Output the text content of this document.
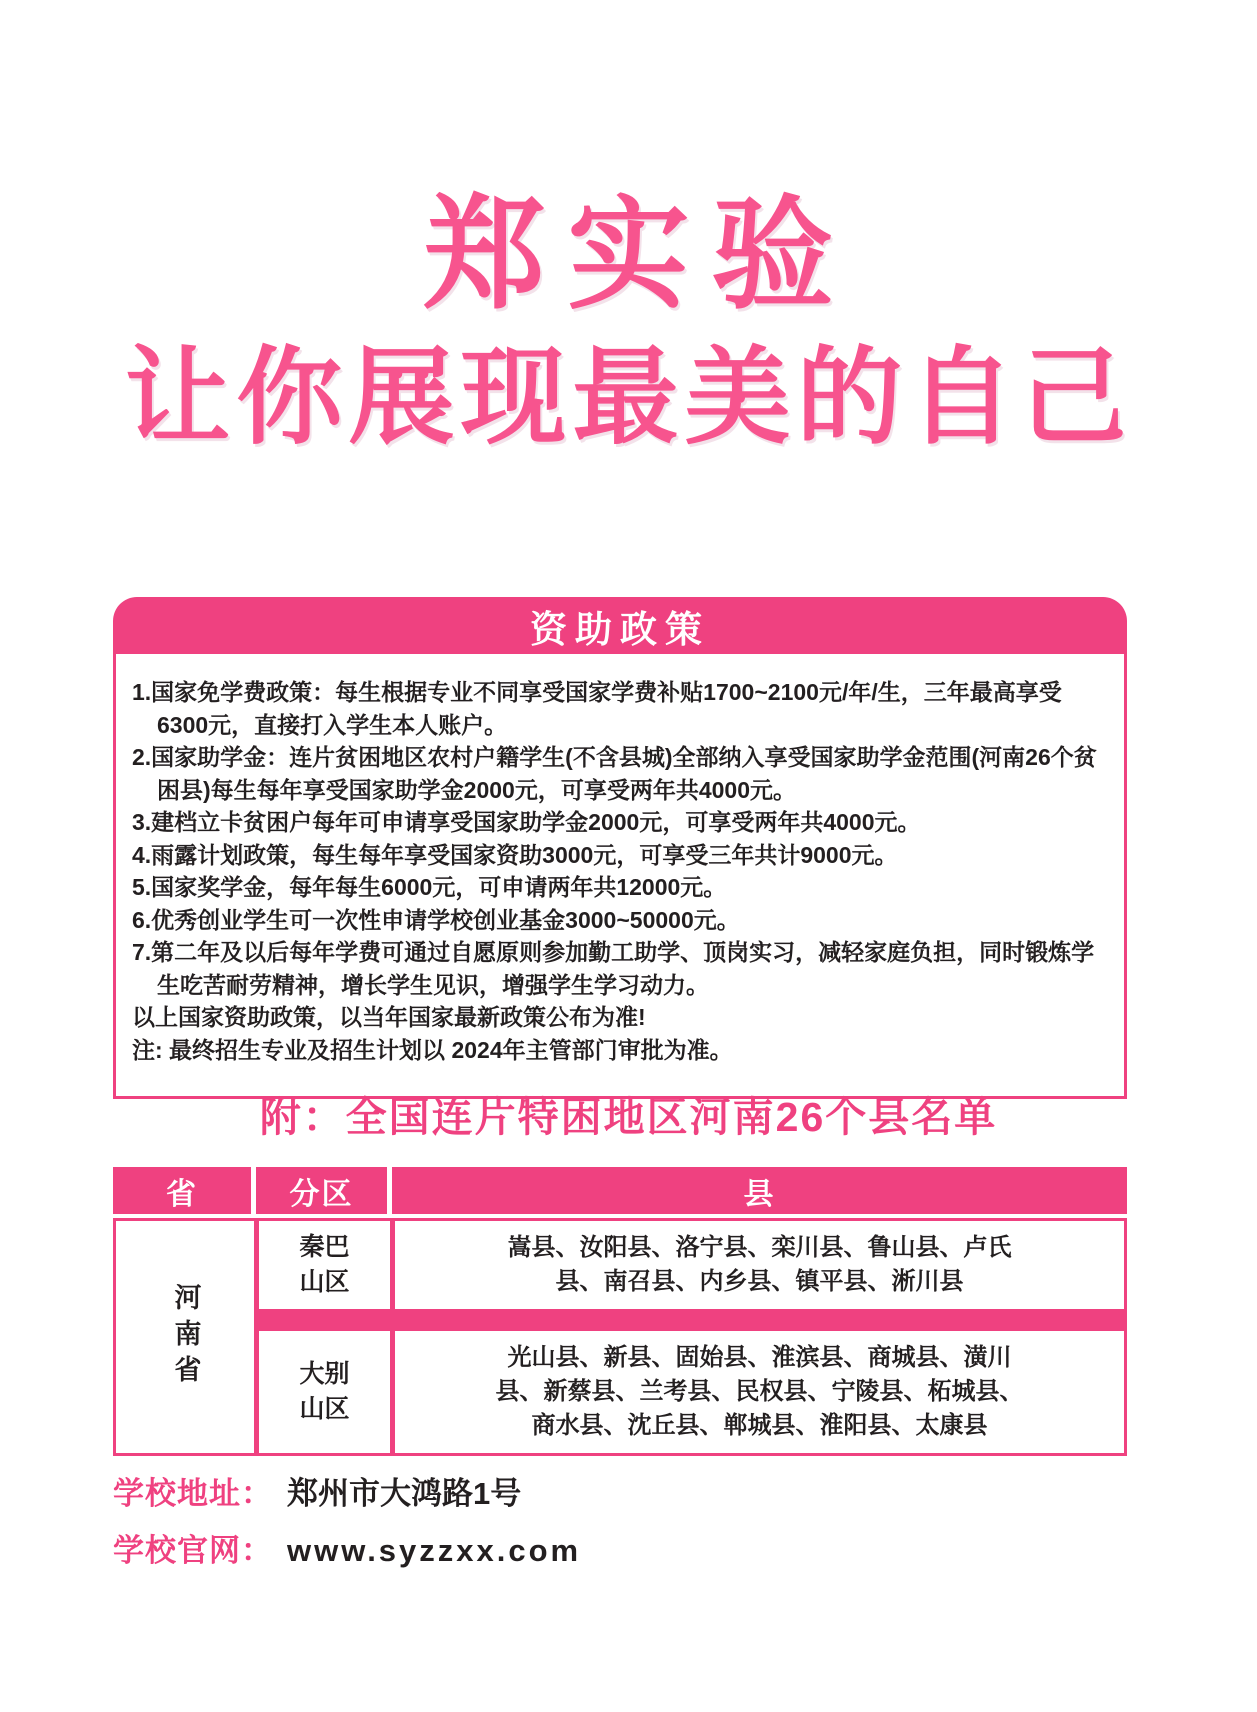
郑实验
让你展现最美的自己
资助政策

1.国家免学费政策：每生根据专业不同享受国家学费补贴1700~2100元/年/生，三年最高享受6300元，直接打入学生本人账户。

2.国家助学金：连片贫困地区农村户籍学生(不含县城)全部纳入享受国家助学金范围(河南26个贫困县)每生每年享受国家助学金2000元，可享受两年共4000元。

3.建档立卡贫困户每年可申请享受国家助学金2000元，可享受两年共4000元。

4.雨露计划政策，每生每年享受国家资助3000元，可享受三年共计9000元。

5.国家奖学金，每年每生6000元，可申请两年共12000元。

6.优秀创业学生可一次性申请学校创业基金3000~50000元。

7.第二年及以后每年学费可通过自愿原则参加勤工助学、顶岗实习，减轻家庭负担，同时锻炼学生吃苦耐劳精神，增长学生见识，增强学生学习动力。

以上国家资助政策，以当年国家最新政策公布为准!

注: 最终招生专业及招生计划以 2024年主管部门审批为准。

附：全国连片特困地区河南26个县名单
省	分区	县
河南省
秦巴
山区
嵩县、汝阳县、洛宁县、栾川县、鲁山县、卢氏
县、南召县、内乡县、镇平县、淅川县
大别
山区
光山县、新县、固始县、淮滨县、商城县、潢川
县、新蔡县、兰考县、民权县、宁陵县、柘城县、
商水县、沈丘县、郸城县、淮阳县、太康县
学校地址： 郑州市大鸿路1号
学校官网： www.syzzxx.com
